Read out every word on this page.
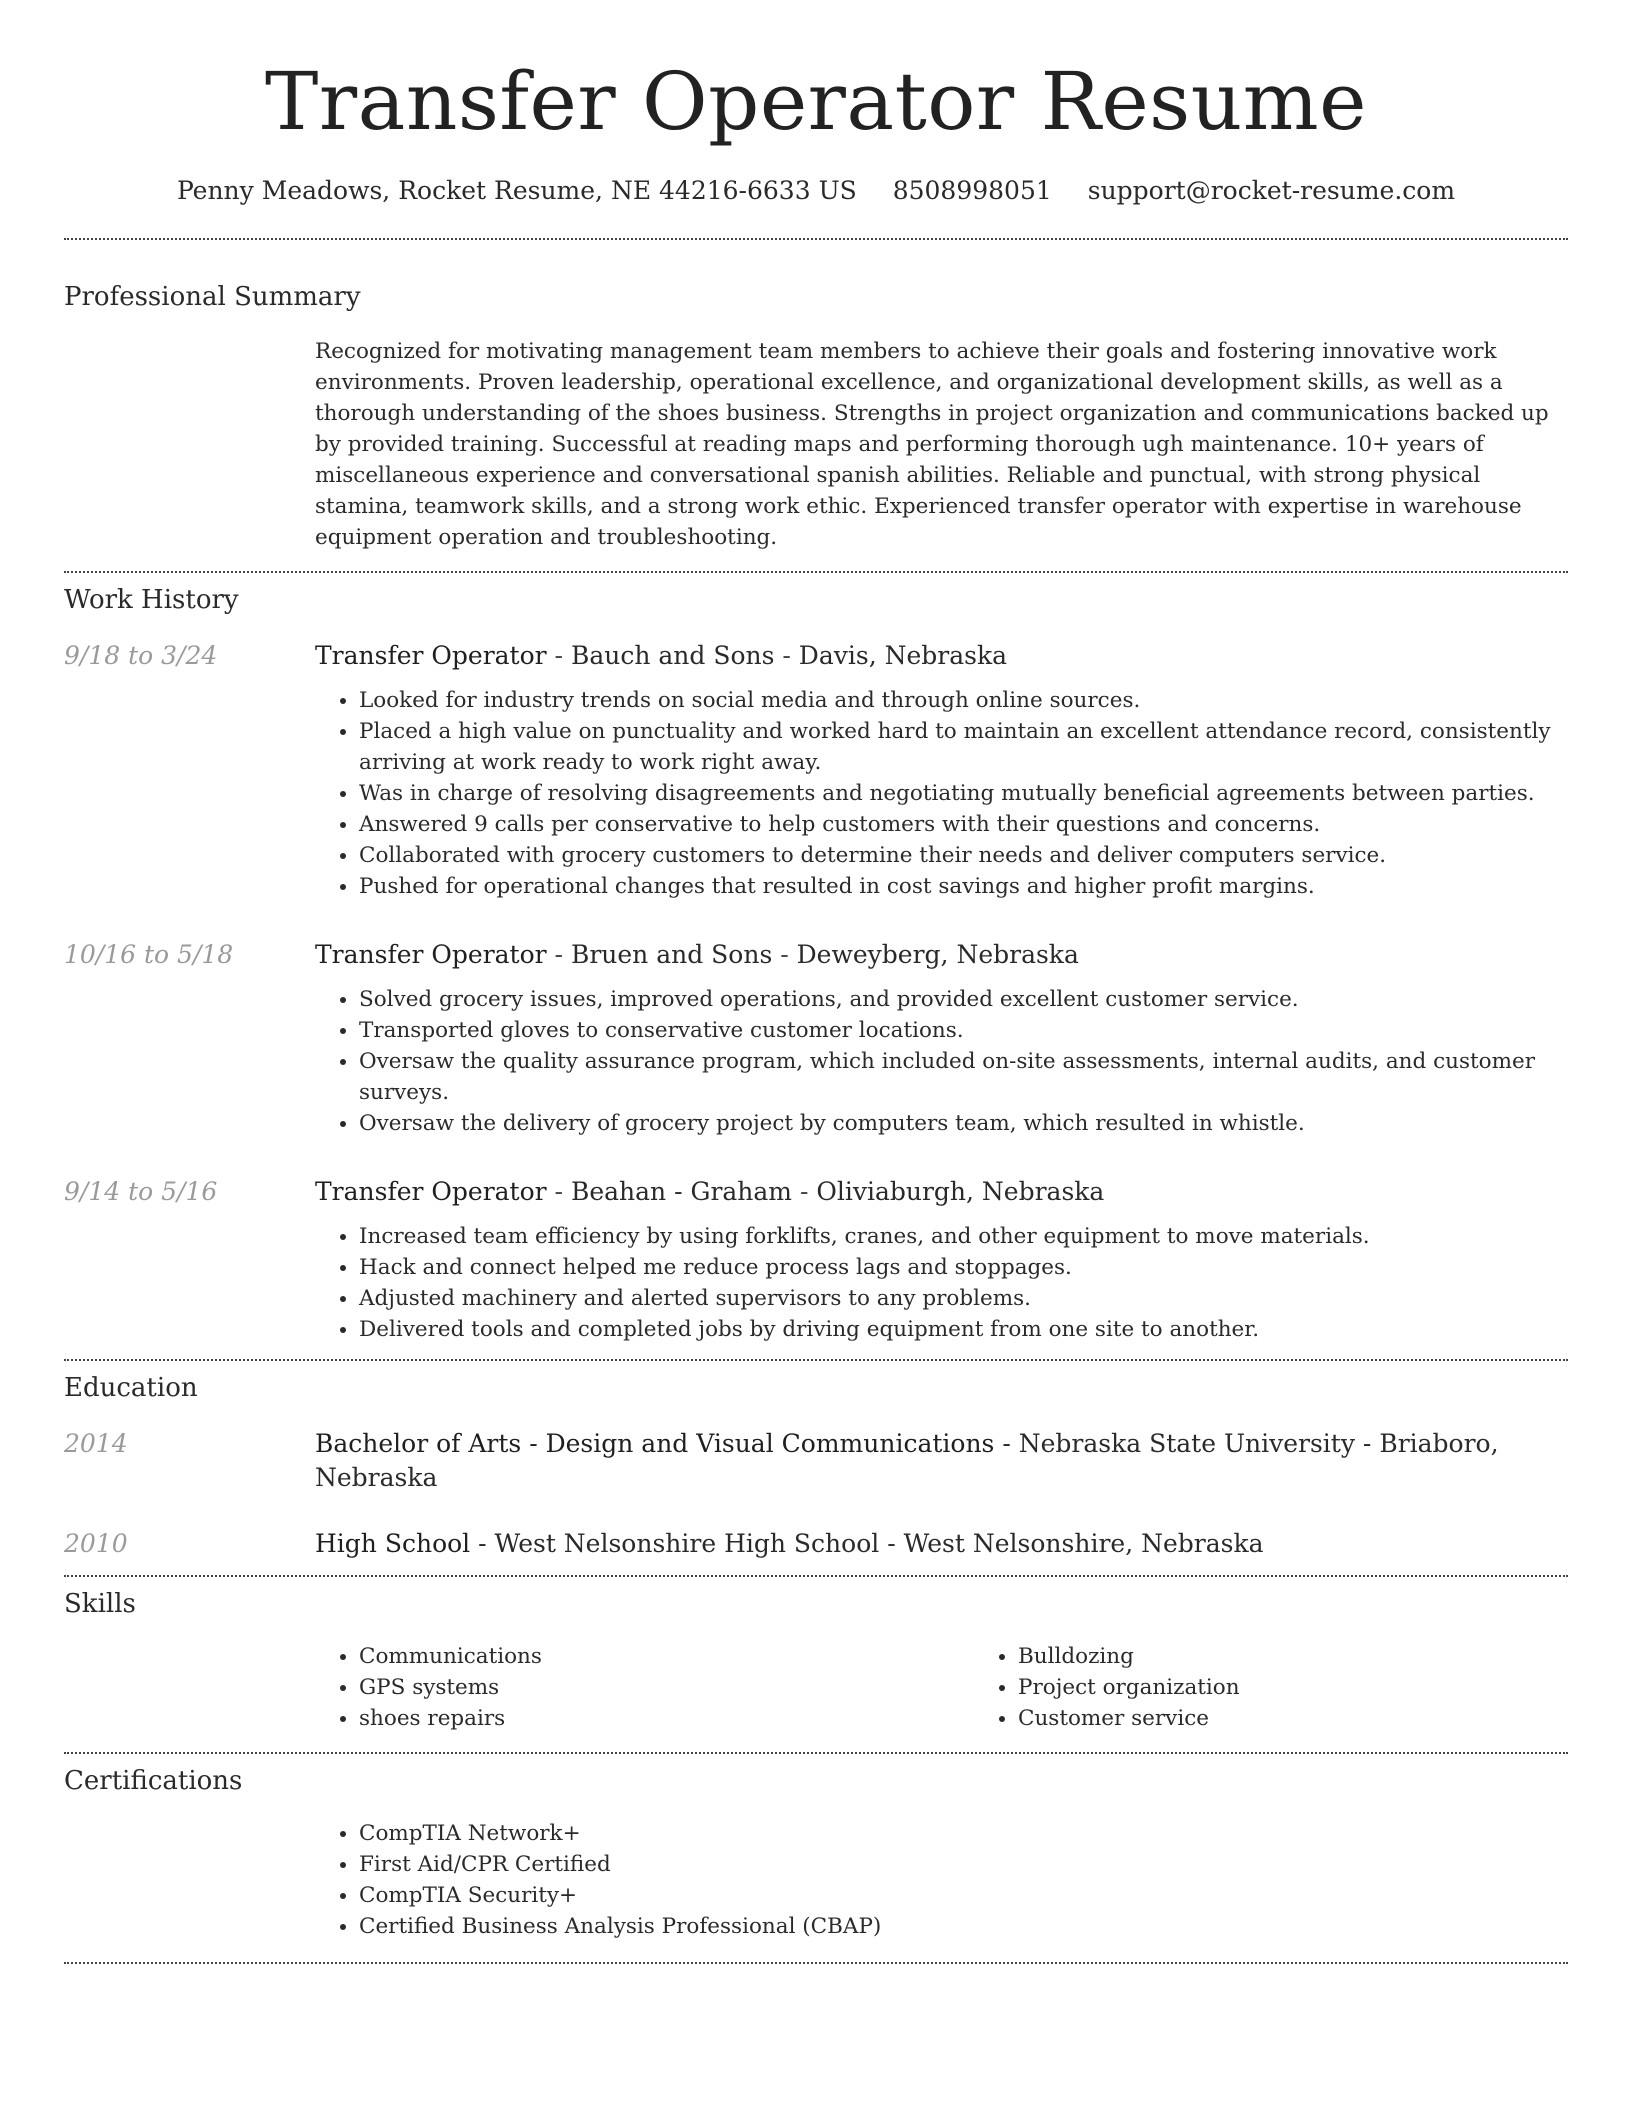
Transfer Operator Resume
Penny Meadows, Rocket Resume, NE 44216-6633 US 8508998051 support@rocket-resume.com
Professional Summary

Recognized for motivating management team members to achieve their goals and fostering innovative work environments. Proven leadership, operational excellence, and organizational development skills, as well as a thorough understanding of the shoes business. Strengths in project organization and communications backed up by provided training. Successful at reading maps and performing thorough ugh maintenance. 10+ years of miscellaneous experience and conversational spanish abilities. Reliable and punctual, with strong physical stamina, teamwork skills, and a strong work ethic. Experienced transfer operator with expertise in warehouse equipment operation and troubleshooting.

Work History
9/18 to 3/24	Transfer Operator - Bauch and Sons - Davis, Nebraska
• Looked for industry trends on social media and through online sources.
• Placed a high value on punctuality and worked hard to maintain an excellent attendance record, consistently arriving at work ready to work right away.
• Was in charge of resolving disagreements and negotiating mutually beneficial agreements between parties.
• Answered 9 calls per conservative to help customers with their questions and concerns.
• Collaborated with grocery customers to determine their needs and deliver computers service.
• Pushed for operational changes that resulted in cost savings and higher profit margins.
10/16 to 5/18	Transfer Operator - Bruen and Sons - Deweyberg, Nebraska
• Solved grocery issues, improved operations, and provided excellent customer service.
• Transported gloves to conservative customer locations.
• Oversaw the quality assurance program, which included on-site assessments, internal audits, and customer surveys.
• Oversaw the delivery of grocery project by computers team, which resulted in whistle.
9/14 to 5/16	Transfer Operator - Beahan - Graham - Oliviaburgh, Nebraska
• Increased team efficiency by using forklifts, cranes, and other equipment to move materials.
• Hack and connect helped me reduce process lags and stoppages.
• Adjusted machinery and alerted supervisors to any problems.
• Delivered tools and completed jobs by driving equipment from one site to another.
Education
2014	Bachelor of Arts - Design and Visual Communications - Nebraska State University - Briaboro, Nebraska
2010	High School - West Nelsonshire High School - West Nelsonshire, Nebraska
Skills
• Communications
• GPS systems
• shoes repairs
• Bulldozing
• Project organization
• Customer service
Certifications
• CompTIA Network+
• First Aid/CPR Certified
• CompTIA Security+
• Certified Business Analysis Professional (CBAP)
